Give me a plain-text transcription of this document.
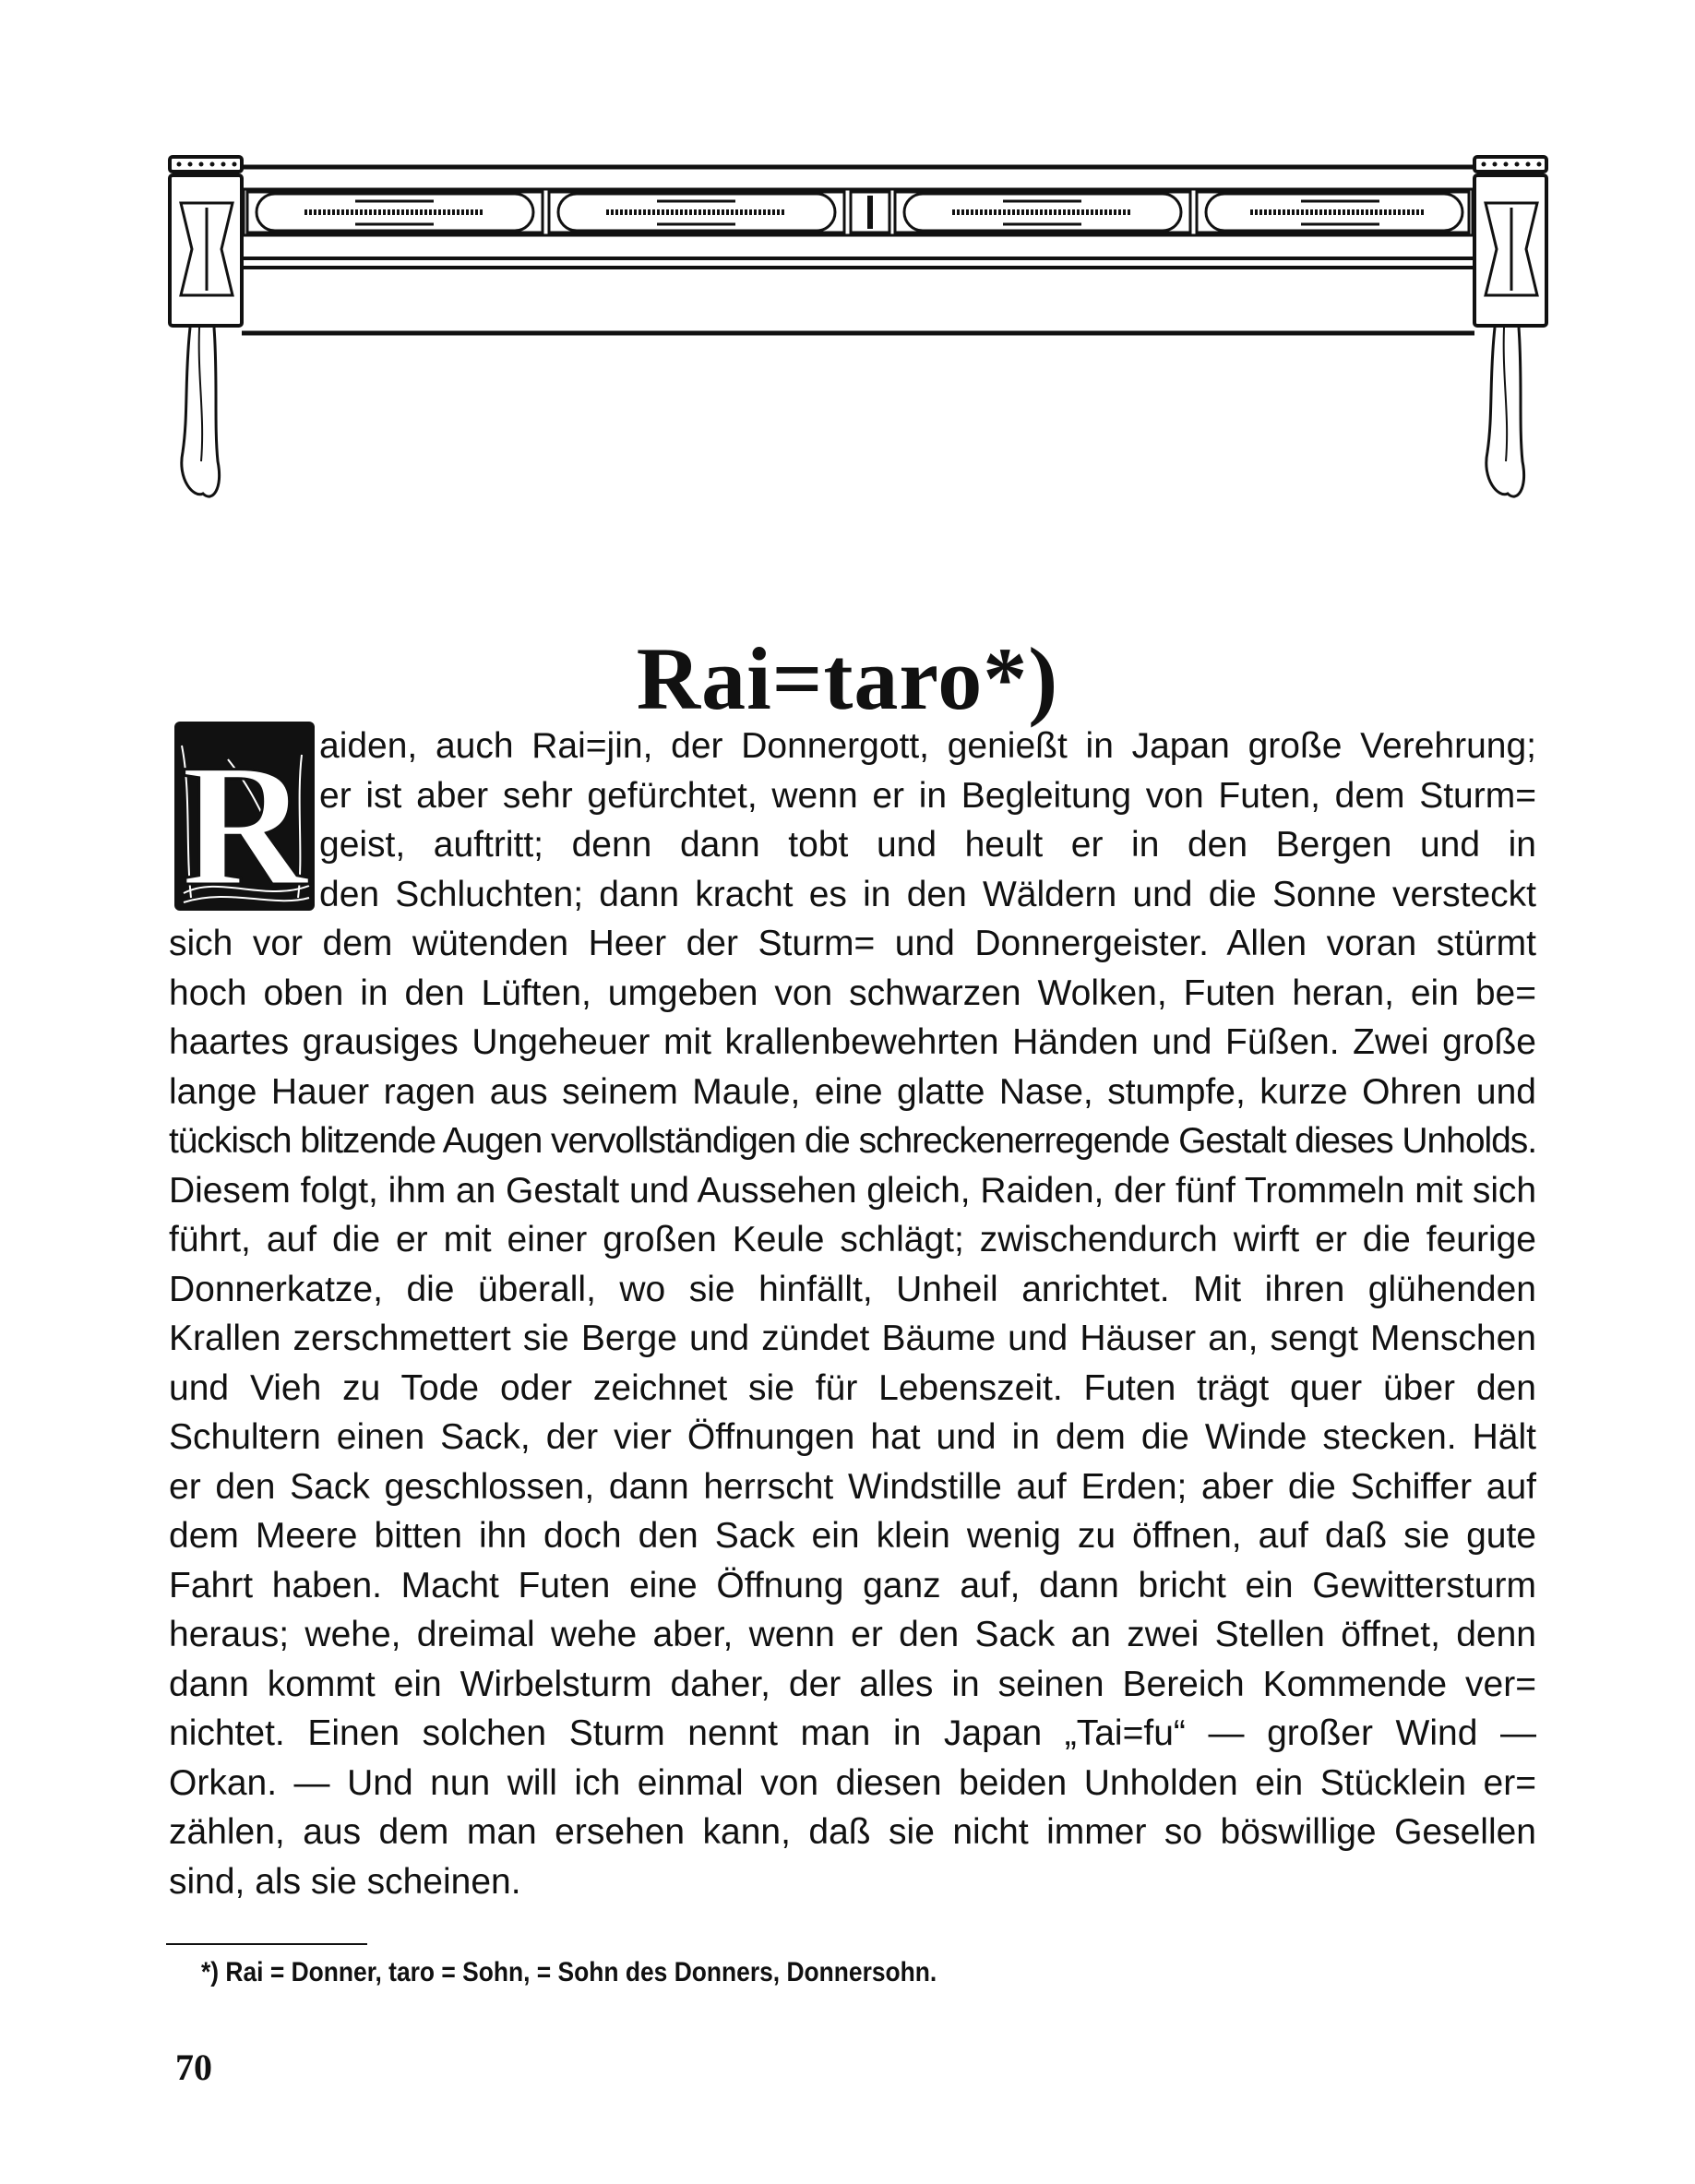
Rai=taro*)
R aiden, auch Rai=jin, der Donnergott, genießt in Japan große Verehrung;
er ist aber sehr gefürchtet, wenn er in Begleitung von Futen, dem Sturm=
geist, auftritt; denn dann tobt und heult er in den Bergen und in
den Schluchten; dann kracht es in den Wäldern und die Sonne versteckt
sich vor dem wütenden Heer der Sturm= und Donnergeister. Allen voran stürmt
hoch oben in den Lüften, umgeben von schwarzen Wolken, Futen heran, ein be=
haartes grausiges Ungeheuer mit krallenbewehrten Händen und Füßen. Zwei große
lange Hauer ragen aus seinem Maule, eine glatte Nase, stumpfe, kurze Ohren und
tückisch blitzende Augen vervollständigen die schreckenerregende Gestalt dieses Unholds.
Diesem folgt, ihm an Gestalt und Aussehen gleich, Raiden, der fünf Trommeln mit sich
führt, auf die er mit einer großen Keule schlägt; zwischendurch wirft er die feurige
Donnerkatze, die überall, wo sie hinfällt, Unheil anrichtet. Mit ihren glühenden
Krallen zerschmettert sie Berge und zündet Bäume und Häuser an, sengt Menschen
und Vieh zu Tode oder zeichnet sie für Lebenszeit. Futen trägt quer über den
Schultern einen Sack, der vier Öffnungen hat und in dem die Winde stecken. Hält
er den Sack geschlossen, dann herrscht Windstille auf Erden; aber die Schiffer auf
dem Meere bitten ihn doch den Sack ein klein wenig zu öffnen, auf daß sie gute
Fahrt haben. Macht Futen eine Öffnung ganz auf, dann bricht ein Gewittersturm
heraus; wehe, dreimal wehe aber, wenn er den Sack an zwei Stellen öffnet, denn
dann kommt ein Wirbelsturm daher, der alles in seinen Bereich Kommende ver=
nichtet. Einen solchen Sturm nennt man in Japan „Tai=fu“ — großer Wind —
Orkan. — Und nun will ich einmal von diesen beiden Unholden ein Stücklein er=
zählen, aus dem man ersehen kann, daß sie nicht immer so böswillige Gesellen
sind, als sie scheinen.
*) Rai = Donner, taro = Sohn, = Sohn des Donners, Donnersohn.
70
